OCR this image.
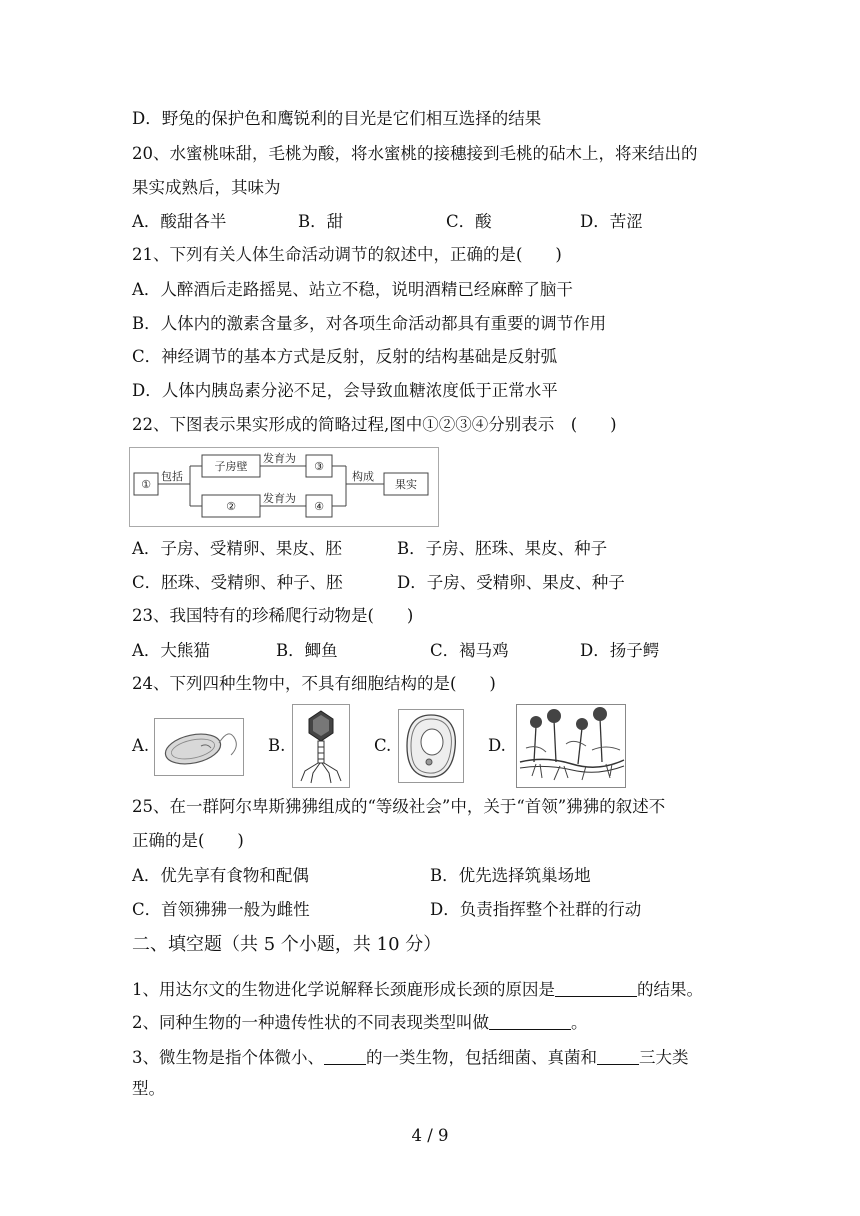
D．野兔的保护色和鹰锐利的目光是它们相互选择的结果
20、水蜜桃味甜，毛桃为酸，将水蜜桃的接穗接到毛桃的砧木上，将来结出的
果实成熟后，其味为
A．酸甜各半	B．甜	C．酸	D．苦涩
21、下列有关人体生命活动调节的叙述中，正确的是(　　)
A．人醉酒后走路摇晃、站立不稳，说明酒精已经麻醉了脑干
B．人体内的激素含量多，对各项生命活动都具有重要的调节作用
C．神经调节的基本方式是反射，反射的结构基础是反射弧
D．人体内胰岛素分泌不足，会导致血糖浓度低于正常水平
22、下图表示果实形成的简略过程,图中①②③④分别表示　(　　)
①
包括
子房壁
②
发育为
发育为
③
④
构成
果实
A．子房、受精卵、果皮、胚	B．子房、胚珠、果皮、种子
C．胚珠、受精卵、种子、胚	D．子房、受精卵、果皮、种子
23、我国特有的珍稀爬行动物是(　　)
A．大熊猫	B．鲫鱼	C．褐马鸡	D．扬子鳄
24、下列四种生物中，不具有细胞结构的是(　　)
A.	B.	C.	D.
25、在一群阿尔卑斯狒狒组成的“等级社会”中，关于“首领”狒狒的叙述不
正确的是(　　)
A．优先享有食物和配偶	B．优先选择筑巢场地
C．首领狒狒一般为雌性	D．负责指挥整个社群的行动
二、填空题（共 5 个小题，共 10 分）
1、用达尔文的生物进化学说解释长颈鹿形成长颈的原因是	的结果。
2、同种生物的一种遗传性状的不同表现类型叫做	。
3、微生物是指个体微小、	的一类生物，包括细菌、真菌和	三大类
型。
4 / 9
